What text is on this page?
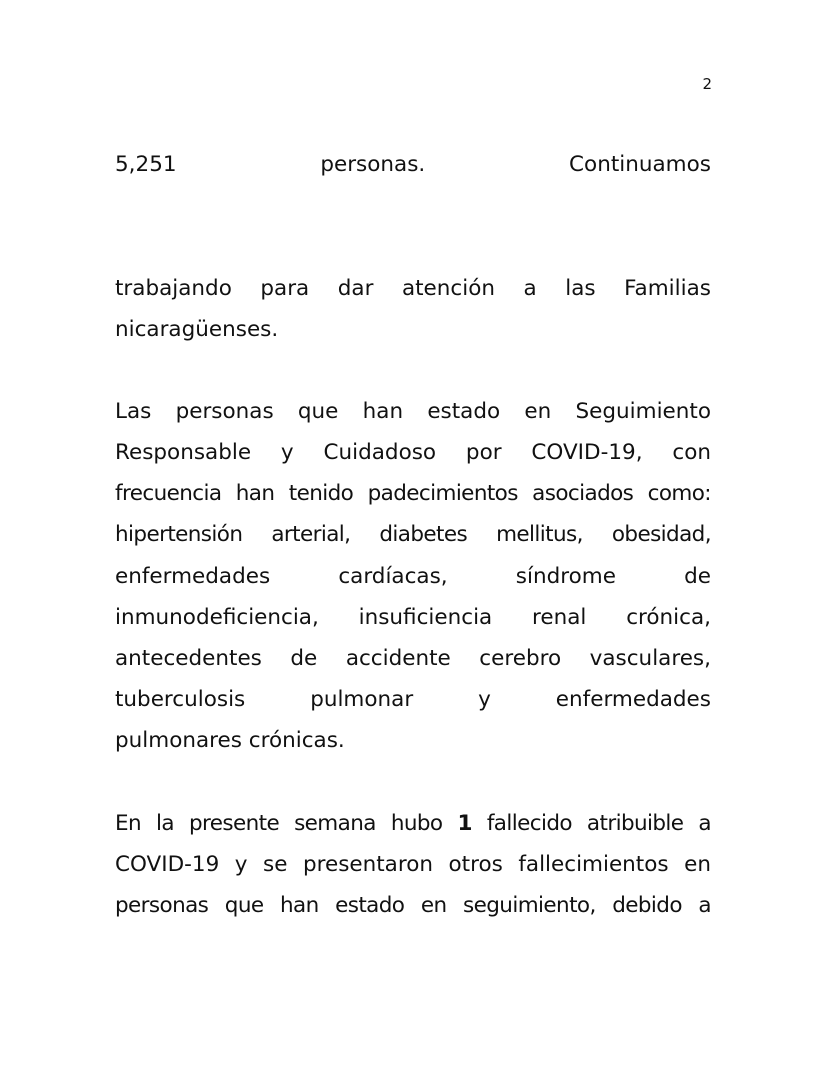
2
5,251	personas.	Continuamos
trabajando para dar atención a las Familias
nicaragüenses.
Las personas que han estado en Seguimiento
Responsable y Cuidadoso por COVID-19, con
frecuencia han tenido padecimientos asociados como:
hipertensión arterial, diabetes mellitus, obesidad,
enfermedades	cardíacas,	síndrome	de
inmunodeficiencia, insuficiencia renal crónica,
antecedentes de accidente cerebro vasculares,
tuberculosis	pulmonar	y	enfermedades
pulmonares crónicas.
En la presente semana hubo 1 fallecido atribuible a
COVID-19 y se presentaron otros fallecimientos en
personas que han estado en seguimiento, debido a
